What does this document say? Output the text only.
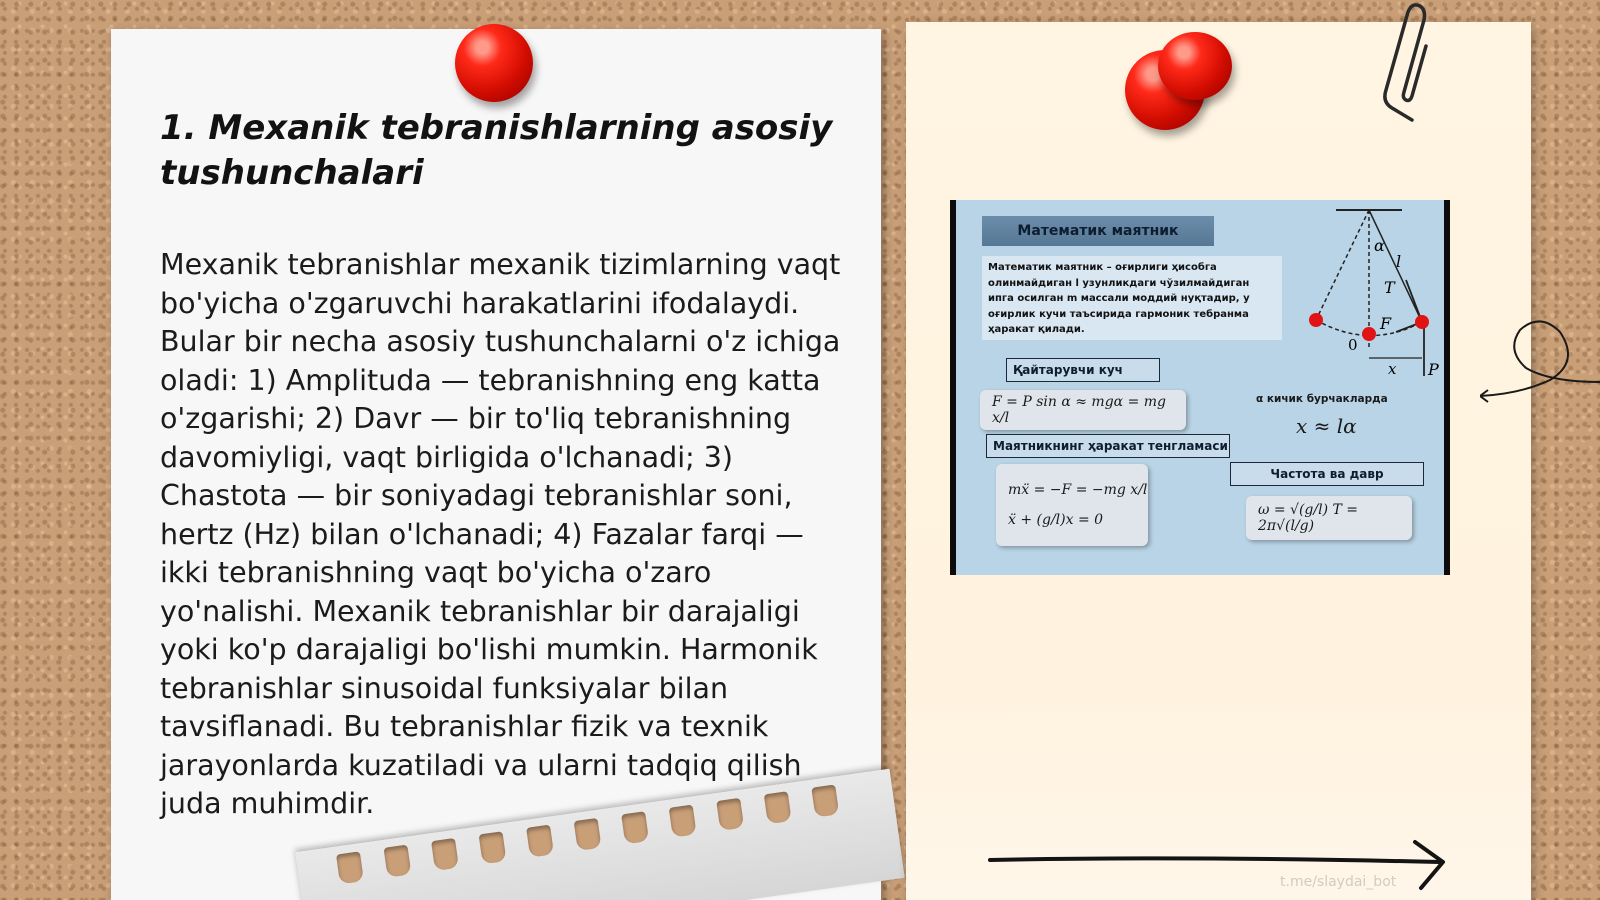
1. Mexanik tebranishlarning asosiy tushunchalari

Mexanik tebranishlar mexanik tizimlarning vaqt bo'yicha o'zgaruvchi harakatlarini ifodalaydi. Bular bir necha asosiy tushunchalarni o'z ichiga oladi: 1) Amplituda — tebranishning eng katta o'zgarishi; 2) Davr — bir to'liq tebranishning davomiyligi, vaqt birligida o'lchanadi; 3) Chastota — bir soniyadagi tebranishlar soni, hertz (Hz) bilan o'lchanadi; 4) Fazalar farqi — ikki tebranishning vaqt bo'yicha o'zaro yo'nalishi. Mexanik tebranishlar bir darajaligi yoki ko'p darajaligi bo'lishi mumkin. Harmonik tebranishlar sinusoidal funksiyalar bilan tavsiflanadi. Bu tebranishlar fizik va texnik jarayonlarda kuzatiladi va ularni tadqiq qilish juda muhimdir.

Математик маятник
Математик маятник – оғирлиги ҳисобга олинмайдиган l узунликдаги чўзилмайдиган ипга осилган m массали моддий нуқтадир, у оғирлик кучи таъсирида гармоник тебранма ҳаракат қилади.
Қайтарувчи куч
F = P sin α ≈ mgα = mg x/l
Маятникнинг ҳаракат тенгламаси
mẍ = −F = −mg x/l
ẍ + (g/l)x = 0
α кичик бурчакларда
x ≈ lα
Частота ва давр
ω = √(g/l) T = 2π√(l/g)
α
l
T
F
0
x P
t.me/slaydai_bot
